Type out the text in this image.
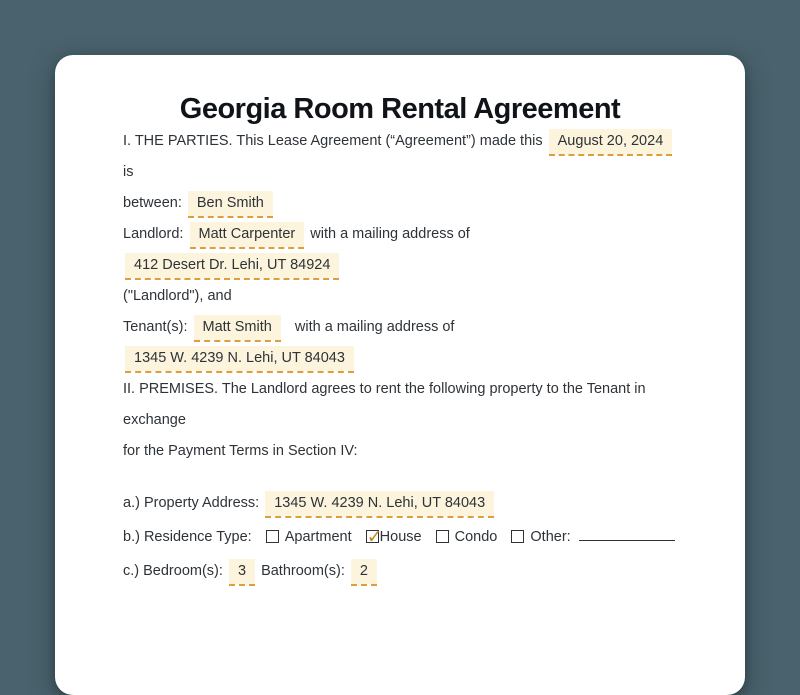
Georgia Room Rental Agreement

I. THE PARTIES. This Lease Agreement (“Agreement”) made this August 20, 2024 is
between: Ben Smith

Landlord: Matt Carpenter with a mailing address of 412 Desert Dr. Lehi, UT 84924
("Landlord"), and

Tenant(s): Matt Smith with a mailing address of 1345 W. 4239 N. Lehi, UT 84043

II. PREMISES. The Landlord agrees to rent the following property to the Tenant in exchange
for the Payment Terms in Section IV:

a.) Property Address: 1345 W. 4239 N. Lehi, UT 84043

b.) Residence Type: Apartment ✓ House Condo Other:

c.) Bedroom(s): 3 Bathroom(s): 2
